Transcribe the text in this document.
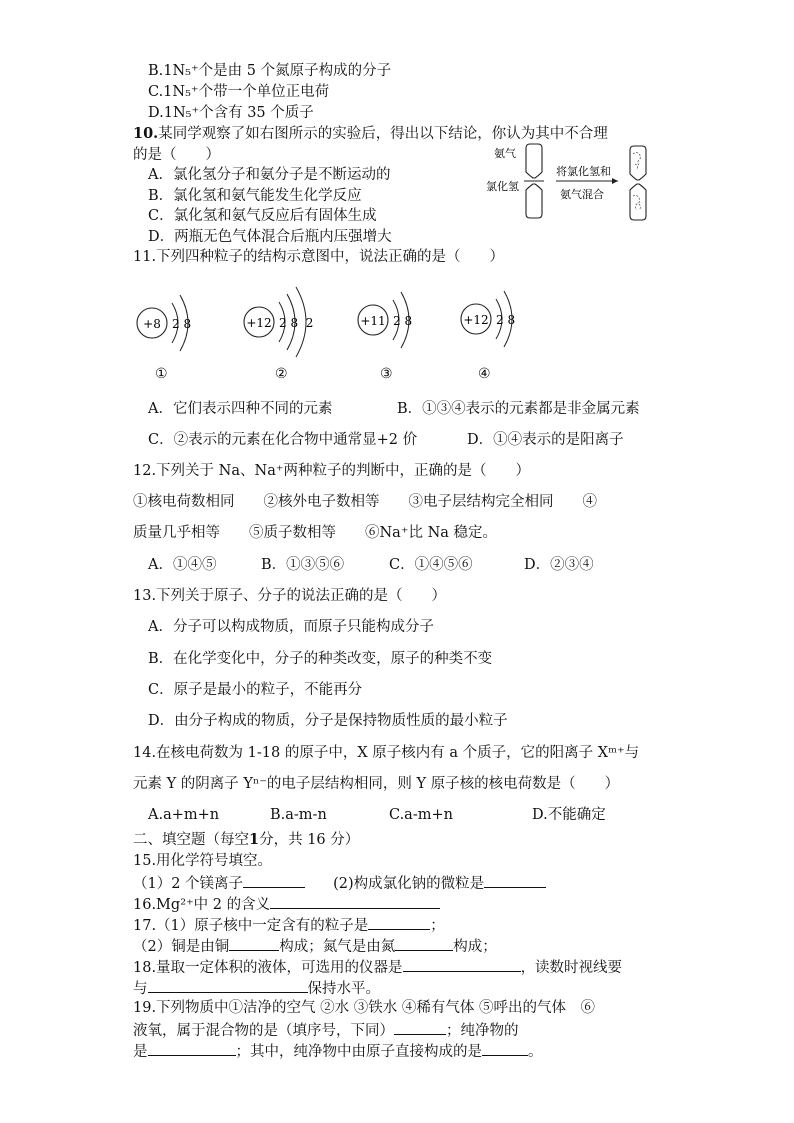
B.1N₅⁺个是由 5 个氮原子构成的分子
C.1N₅⁺个带一个单位正电荷
D.1N₅⁺个含有 35 个质子
10.某同学观察了如右图所示的实验后，得出以下结论，你认为其中不合理
的是（　　）
A．氯化氢分子和氨分子是不断运动的
B．氯化氢和氨气能发生化学反应
C．氯化氢和氨气反应后有固体生成
D．两瓶无色气体混合后瓶内压强增大
氨气
氯化氢
将氯化氢和
氨气混合
11.下列四种粒子的结构示意图中，说法正确的是（　　）
+8 2 8	+12 2 8  2	+11 2 8	+12 2 8
①	②	③	④
A．它们表示四种不同的元素	B．①③④表示的元素都是非金属元素
C．②表示的元素在化合物中通常显+2 价	D．①④表示的是阳离子
12.下列关于 Na、Na⁺两种粒子的判断中，正确的是（　　）
①核电荷数相同　　②核外电子数相等　　③电子层结构完全相同　　④
质量几乎相等　　⑤质子数相等　　⑥Na⁺比 Na 稳定。
A．①④⑤	B．①③⑤⑥	C．①④⑤⑥	D．②③④
13.下列关于原子、分子的说法正确的是（　　）
A．分子可以构成物质，而原子只能构成分子
B．在化学变化中，分子的种类改变，原子的种类不变
C．原子是最小的粒子，不能再分
D．由分子构成的物质，分子是保持物质性质的最小粒子
14.在核电荷数为 1-18 的原子中，X 原子核内有 a 个质子，它的阳离子 Xᵐ⁺与
元素 Y 的阴离子 Yⁿ⁻的电子层结构相同，则 Y 原子核的核电荷数是（　　）
A.a+m+n	B.a-m-n	C.a-m+n	D.不能确定
二、填空题（每空1分，共 16 分）
15.用化学符号填空。
（1）2 个镁离子	(2)构成氯化钠的微粒是
16.Mg²⁺中 2 的含义
17.（1）原子核中一定含有的粒子是	；
（2）铜是由铜	构成；氮气是由氮	构成；
18.量取一定体积的液体，可选用的仪器是	，读数时视线要
与	保持水平。
19.下列物质中①洁净的空气 ②水 ③铁水 ④稀有气体 ⑤呼出的气体　⑥
液氧，属于混合物的是（填序号，下同）	；纯净物的
是	；其中，纯净物中由原子直接构成的是	。
